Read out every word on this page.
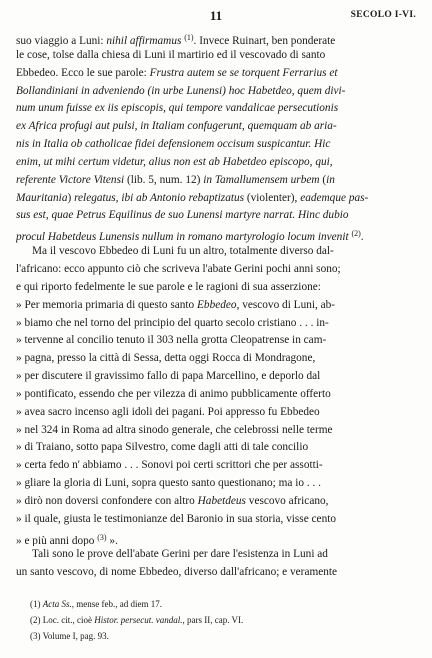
11	SECOLO I-VI.
suo viaggio a Luni: nihil affirmamus $^{(1)}$. Invece Ruinart, ben ponderate
le cose, tolse dalla chiesa di Luni il martirio ed il vescovado di santo
Ebbedeo. Ecco le sue parole: Frustra autem se se torquent Ferrarius et
Bollandiniani in adveniendo (in urbe Lunensi) hoc Habetdeo, quem divi-
num unum fuisse ex iis episcopis, qui tempore vandalicae persecutionis
ex Africa profugi aut pulsi, in Italiam confugerunt, quemquam ab aria-
nis in Italia ob catholicae fidei defensionem occisum suspicantur. Hic
enim, ut mihi certum videtur, alius non est ab Habetdeo episcopo, qui,
referente Victore Vitensi (lib. 5, num. 12) in Tamallumensem urbem (in
Mauritania) relegatus, ibi ab Antonio rebaptizatus (violenter), eademque pas-
sus est, quae Petrus Equilinus de suo Lunensi martyre narrat. Hinc dubio
procul Habetdeus Lunensis nullum in romano martyrologio locum invenit $^{(2)}$.
Ma il vescovo Ebbedeo di Luni fu un altro, totalmente diverso dal-
l'africano: ecco appunto ciò che scriveva l'abate Gerini pochi anni sono;
e qui riporto fedelmente le sue parole e le ragioni di sua asserzione:
» Per memoria primaria di questo santo Ebbedeo, vescovo di Luni, ab-
» biamo che nel torno del principio del quarto secolo cristiano . . . in-
» tervenne al concilio tenuto il 303 nella grotta Cleopatrense in cam-
» pagna, presso la città di Sessa, detta oggi Rocca di Mondragone,
» per discutere il gravissimo fallo di papa Marcellino, e deporlo dal
» pontificato, essendo che per vilezza di animo pubblicamente offerto
» avea sacro incenso agli idoli dei pagani. Poi appresso fu Ebbedeo
» nel 324 in Roma ad altra sinodo generale, che celebrossi nelle terme
» di Traiano, sotto papa Silvestro, come dagli atti di tale concilio
» certa fedo n' abbiamo . . . Sonovi poi certi scrittori che per assotti-
» gliare la gloria di Luni, sopra questo santo questionano; ma io . . .
» dirò non doversi confondere con altro Habetdeus vescovo africano,
» il quale, giusta le testimonianze del Baronio in sua storia, visse cento
» e più anni dopo $^{(3)}$ ».
Tali sono le prove dell'abate Gerini per dare l'esistenza in Luni ad
un santo vescovo, di nome Ebbedeo, diverso dall'africano; e veramente
(1) Acta Ss., mense feb., ad diem 17.
(2) Loc. cit., cioè Histor. persecut. vandal., pars II, cap. VI.
(3) Volume I, pag. 93.
